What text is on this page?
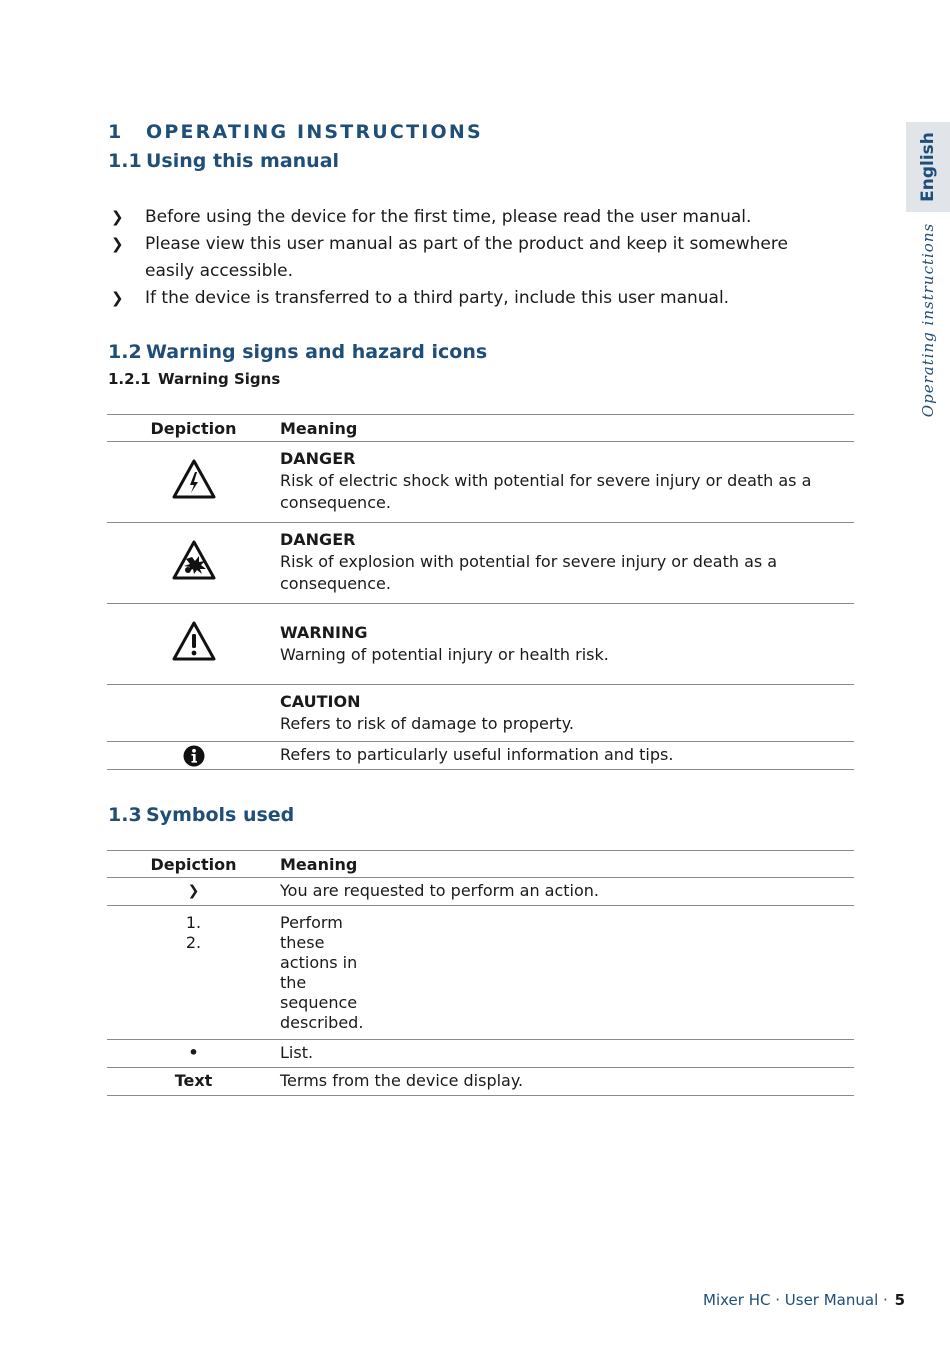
English
Operating instructions
1 OPERATING INSTRUCTIONS
1.1 Using this manual
❯ Before using the device for the first time, please read the user manual.
❯ Please view this user manual as part of the product and keep it somewhere easily accessible.
❯ If the device is transferred to a third party, include this user manual.
1.2 Warning signs and hazard icons
1.2.1 Warning Signs
Depiction	Meaning

DANGER
Risk of electric shock with potential for severe injury or death as a consequence.

DANGER
Risk of explosion with potential for severe injury or death as a consequence.

WARNING
Warning of potential injury or health risk.

	CAUTION
Refers to risk of damage to property.
	Refers to particularly useful information and tips.
1.3 Symbols used
Depiction	Meaning
❯	You are requested to perform an action.
1.
2.	Perform these actions in the sequence described.
•	List.
Text	Terms from the device display.
Mixer HC · User Manual · 5
